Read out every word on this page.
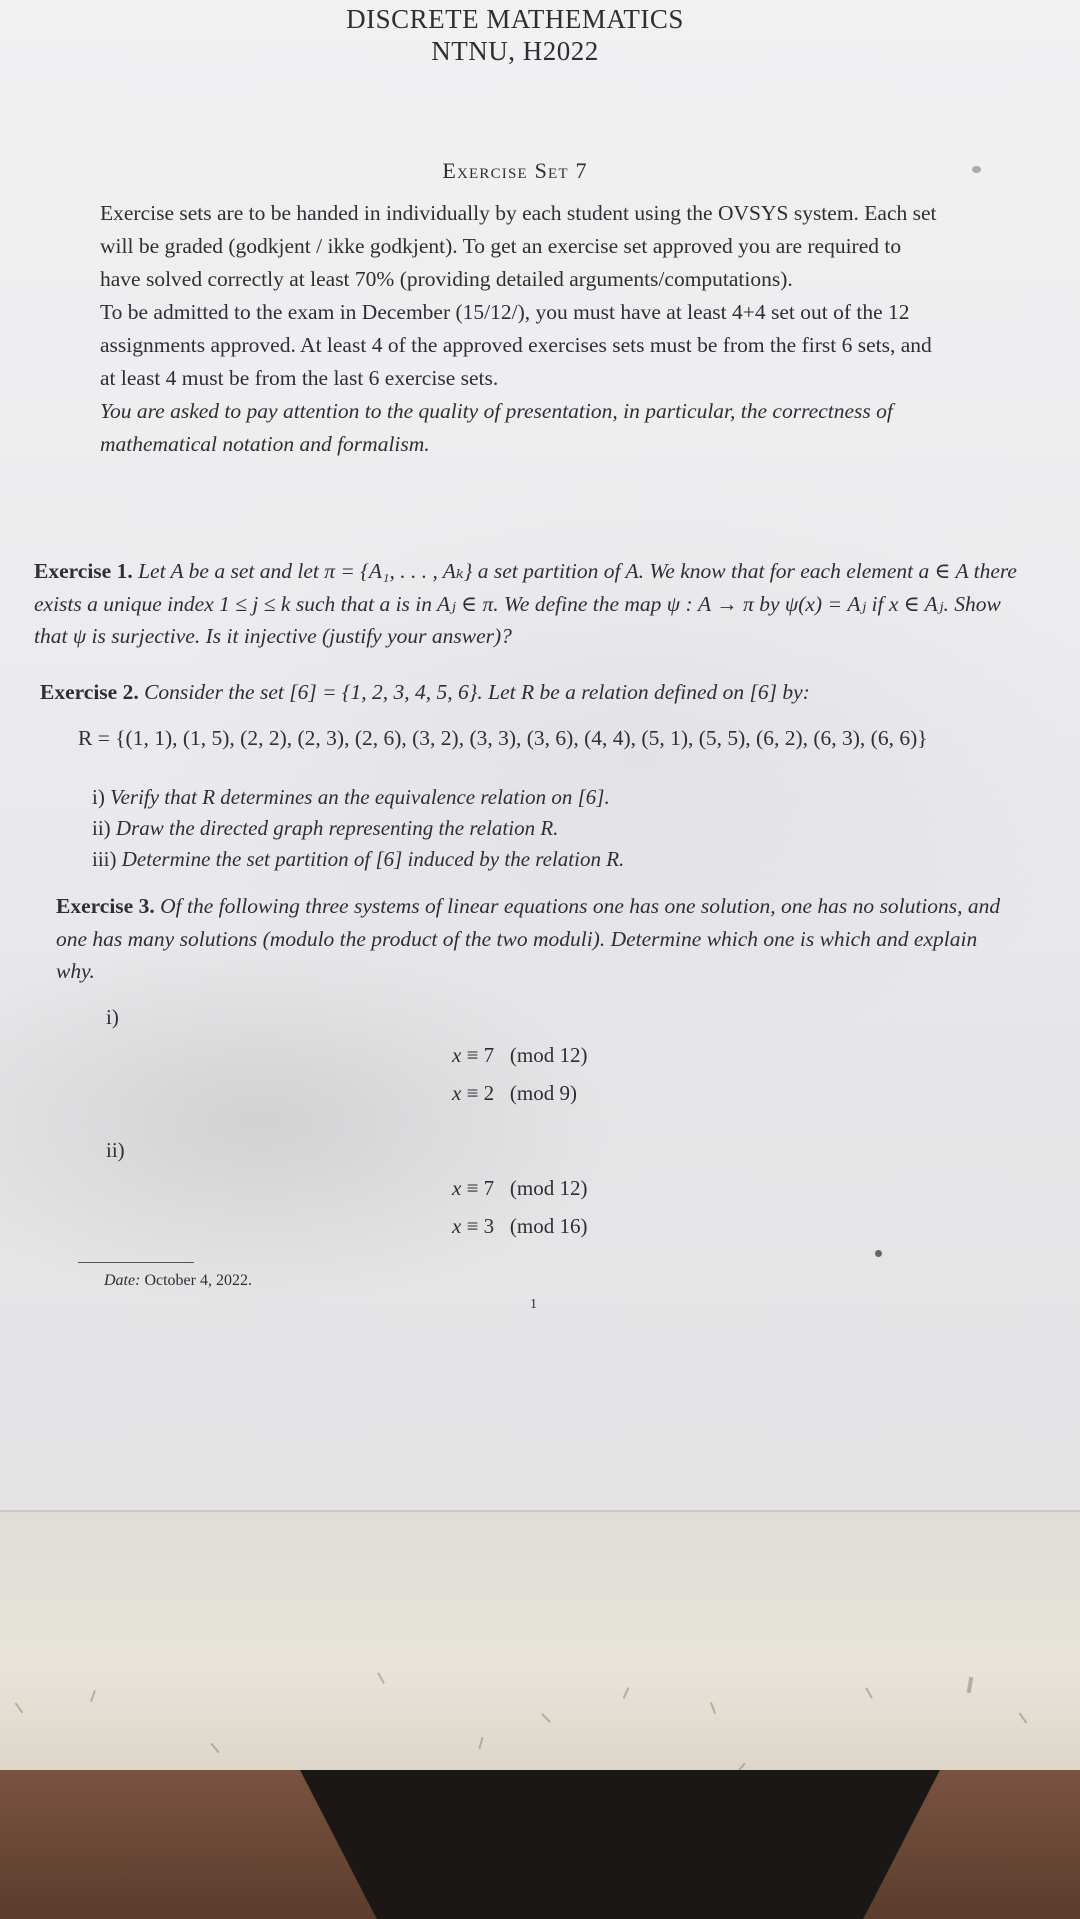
DISCRETE MATHEMATICS
NTNU, H2022
Exercise Set 7

Exercise sets are to be handed in individually by each student using the OVSYS system. Each set will be graded (godkjent / ikke godkjent). To get an exercise set approved you are required to have solved correctly at least 70% (providing detailed arguments/computations).

To be admitted to the exam in December (15/12/), you must have at least 4+4 set out of the 12 assignments approved. At least 4 of the approved exercises sets must be from the first 6 sets, and at least 4 must be from the last 6 exercise sets.

You are asked to pay attention to the quality of presentation, in particular, the correctness of mathematical notation and formalism.

Exercise 1. Let A be a set and let π = {A₁, . . . , Aₖ} a set partition of A. We know that for each element a ∈ A there exists a unique index 1 ≤ j ≤ k such that a is in Aⱼ ∈ π. We define the map ψ : A → π by ψ(x) = Aⱼ if x ∈ Aⱼ. Show that ψ is surjective. Is it injective (justify your answer)?
Exercise 2. Consider the set [6] = {1, 2, 3, 4, 5, 6}. Let R be a relation defined on [6] by:
R = {(1, 1), (1, 5), (2, 2), (2, 3), (2, 6), (3, 2), (3, 3), (3, 6), (4, 4), (5, 1), (5, 5), (6, 2), (6, 3), (6, 6)}
i) Verify that R determines an the equivalence relation on [6].
ii) Draw the directed graph representing the relation R.
iii) Determine the set partition of [6] induced by the relation R.
Exercise 3. Of the following three systems of linear equations one has one solution, one has no solutions, and one has many solutions (modulo the product of the two moduli). Determine which one is which and explain why.
i)
x ≡ 7 (mod 12)
x ≡ 2 (mod 9)
ii)
x ≡ 7 (mod 12)
x ≡ 3 (mod 16)
Date: October 4, 2022.
1
